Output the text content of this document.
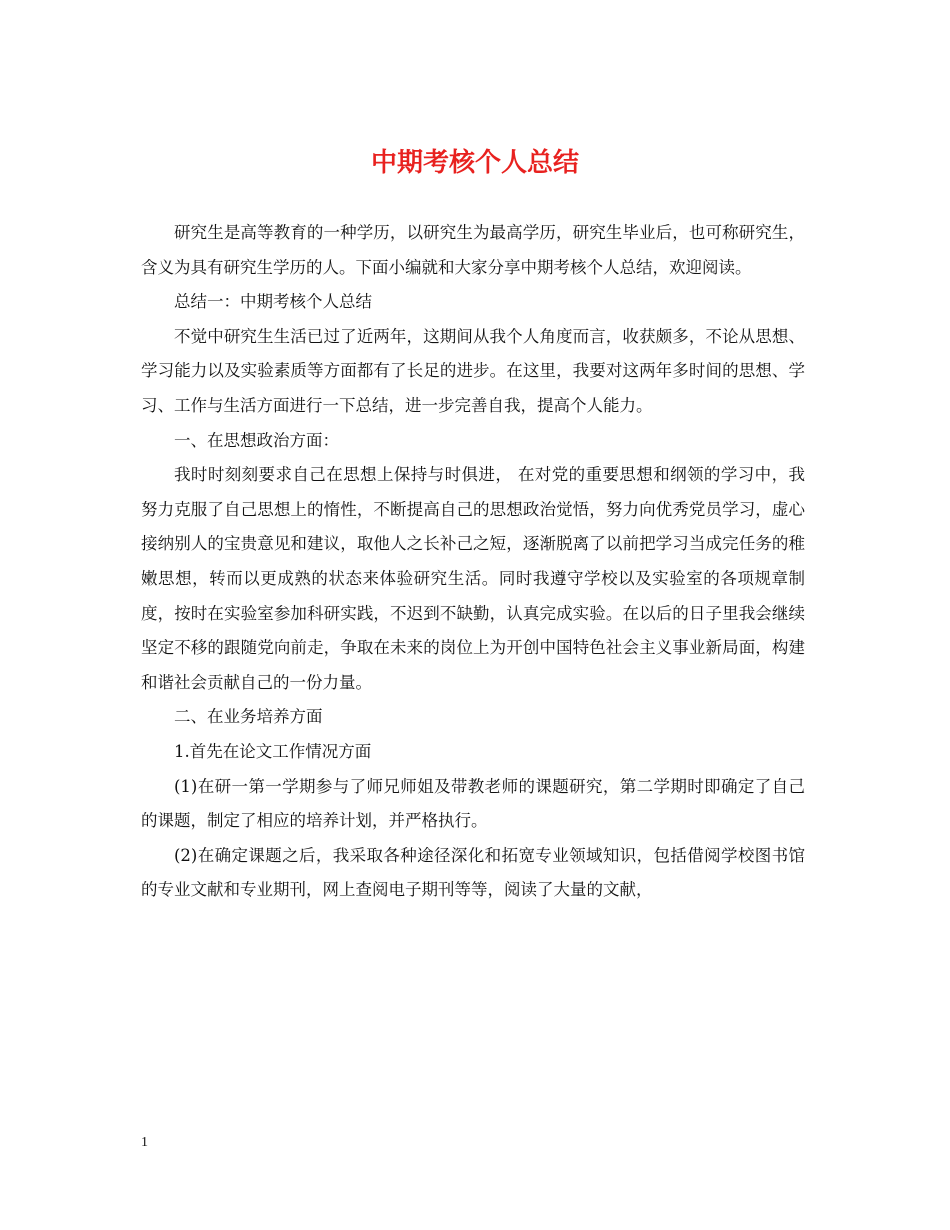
中期考核个人总结

研究生是高等教育的一种学历，以研究生为最高学历，研究生毕业后，也可称研究生，含义为具有研究生学历的人。下面小编就和大家分享中期考核个人总结，欢迎阅读。

总结一：中期考核个人总结

不觉中研究生生活已过了近两年，这期间从我个人角度而言，收获颇多，不论从思想、学习能力以及实验素质等方面都有了长足的进步。在这里，我要对这两年多时间的思想、学习、工作与生活方面进行一下总结，进一步完善自我，提高个人能力。

一、在思想政治方面：

我时时刻刻要求自己在思想上保持与时俱进， 在对党的重要思想和纲领的学习中，我努力克服了自己思想上的惰性，不断提高自己的思想政治觉悟，努力向优秀党员学习，虚心接纳别人的宝贵意见和建议，取他人之长补己之短，逐渐脱离了以前把学习当成完任务的稚嫩思想，转而以更成熟的状态来体验研究生活。同时我遵守学校以及实验室的各项规章制度，按时在实验室参加科研实践，不迟到不缺勤，认真完成实验。在以后的日子里我会继续坚定不移的跟随党向前走，争取在未来的岗位上为开创中国特色社会主义事业新局面，构建和谐社会贡献自己的一份力量。

二、在业务培养方面

1.首先在论文工作情况方面

(1)在研一第一学期参与了师兄师姐及带教老师的课题研究，第二学期时即确定了自己的课题，制定了相应的培养计划，并严格执行。

(2)在确定课题之后，我采取各种途径深化和拓宽专业领域知识，包括借阅学校图书馆的专业文献和专业期刊，网上查阅电子期刊等等，阅读了大量的文献，

1
